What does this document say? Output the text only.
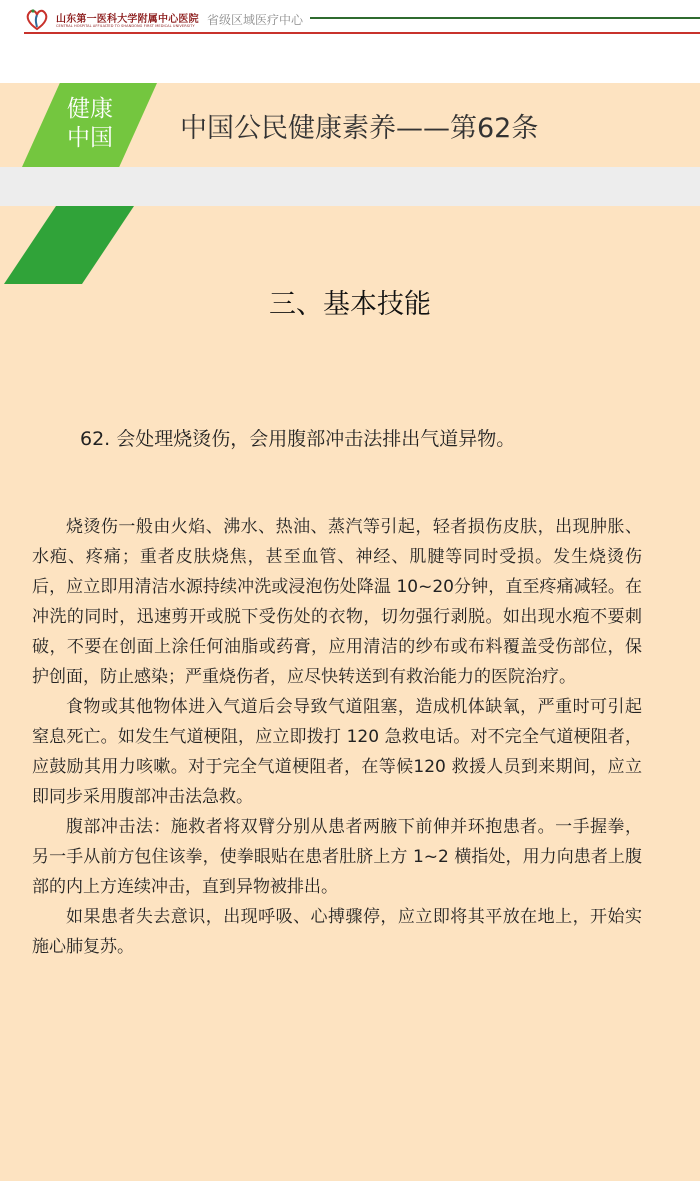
山东第一医科大学附属中心医院
CENTRAL HOSPITAL AFFILIATED TO SHANDONG FIRST MEDICAL UNIVERSITY 省级区域医疗中心
健康中国 中国公民健康素养——第62条
三、基本技能
62. 会处理烧烫伤，会用腹部冲击法排出气道异物。

烧烫伤一般由火焰、沸水、热油、蒸汽等引起，轻者损伤皮肤，出现肿胀、水疱、疼痛；重者皮肤烧焦，甚至血管、神经、肌腱等同时受损。发生烧烫伤后，应立即用清洁水源持续冲洗或浸泡伤处降温 10~20分钟，直至疼痛减轻。在冲洗的同时，迅速剪开或脱下受伤处的衣物，切勿强行剥脱。如出现水疱不要刺破，不要在创面上涂任何油脂或药膏，应用清洁的纱布或布料覆盖受伤部位，保护创面，防止感染；严重烧伤者，应尽快转送到有救治能力的医院治疗。

食物或其他物体进入气道后会导致气道阻塞，造成机体缺氧，严重时可引起窒息死亡。如发生气道梗阻，应立即拨打 120 急救电话。对不完全气道梗阻者，应鼓励其用力咳嗽。对于完全气道梗阻者，在等候120 救援人员到来期间，应立即同步采用腹部冲击法急救。

腹部冲击法：施救者将双臂分别从患者两腋下前伸并环抱患者。一手握拳，另一手从前方包住该拳，使拳眼贴在患者肚脐上方 1~2 横指处，用力向患者上腹部的内上方连续冲击，直到异物被排出。

如果患者失去意识，出现呼吸、心搏骤停，应立即将其平放在地上，开始实施心肺复苏。
